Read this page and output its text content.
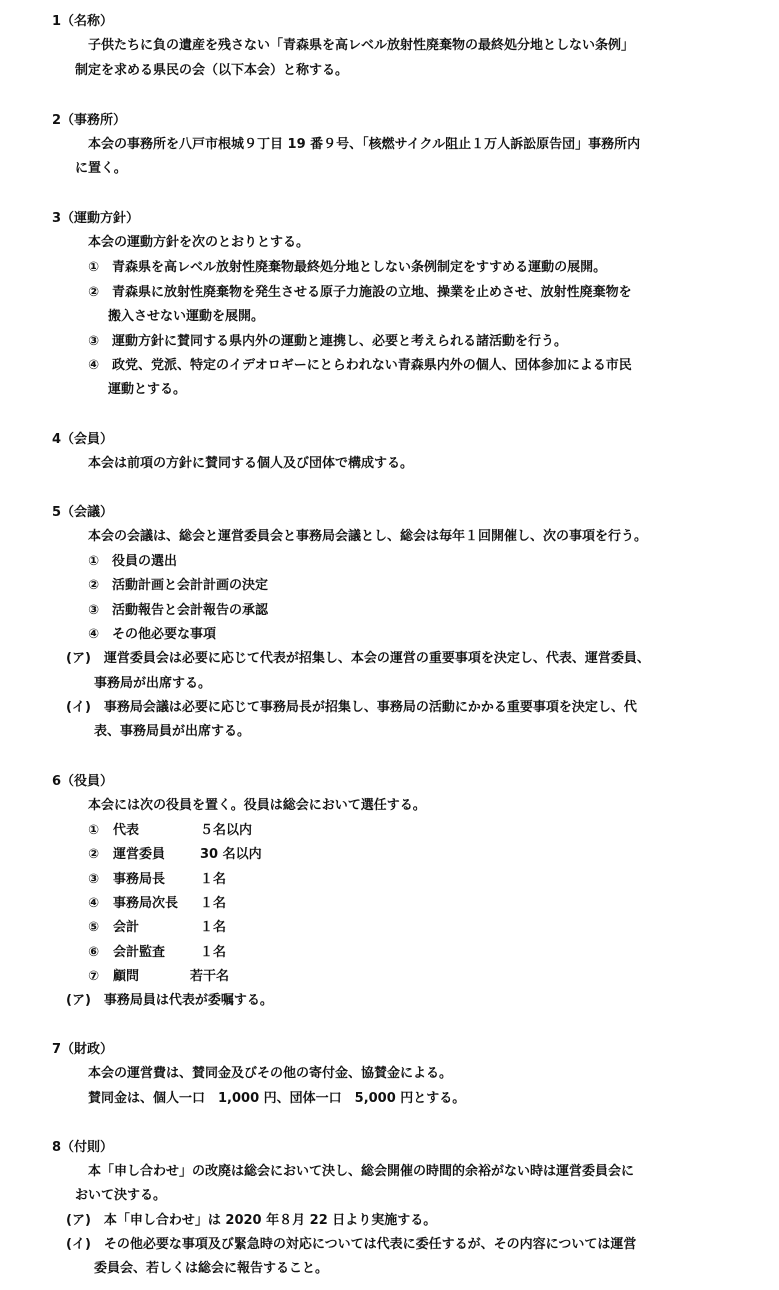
1（名称）
子供たちに負の遺産を残さない「青森県を高レベル放射性廃棄物の最終処分地としない条例」
制定を求める県民の会（以下本会）と称する。
2（事務所）
本会の事務所を八戸市根城９丁目 19 番９号、「核燃サイクル阻止１万人訴訟原告団」事務所内
に置く。
3（運動方針）
本会の運動方針を次のとおりとする。
①　青森県を高レベル放射性廃棄物最終処分地としない条例制定をすすめる運動の展開。
②　青森県に放射性廃棄物を発生させる原子力施設の立地、操業を止めさせ、放射性廃棄物を
搬入させない運動を展開。
③　運動方針に賛同する県内外の運動と連携し、必要と考えられる諸活動を行う。
④　政党、党派、特定のイデオロギーにとらわれない青森県内外の個人、団体参加による市民
運動とする。
4（会員）
本会は前項の方針に賛同する個人及び団体で構成する。
5（会議）
本会の会議は、総会と運営委員会と事務局会議とし、総会は毎年１回開催し、次の事項を行う。
①　役員の選出
②　活動計画と会計計画の決定
③　活動報告と会計報告の承認
④　その他必要な事項
(ア)　運営委員会は必要に応じて代表が招集し、本会の運営の重要事項を決定し、代表、運営委員、
事務局が出席する。
(イ)　事務局会議は必要に応じて事務局長が招集し、事務局の活動にかかる重要事項を決定し、代
表、事務局員が出席する。
6（役員）
本会には次の役員を置く。役員は総会において選任する。
① 代表	５名以内
② 運営委員	30 名以内
③ 事務局長	１名
④ 事務局次長 １名
⑤ 会計	１名
⑥ 会計監査	１名
⑦ 顧問	若干名
(ア)　事務局員は代表が委嘱する。
7（財政）
本会の運営費は、賛同金及びその他の寄付金、協賛金による。
賛同金は、個人一口　1,000 円、団体一口　5,000 円とする。
8（付則）
本「申し合わせ」の改廃は総会において決し、総会開催の時間的余裕がない時は運営委員会に
おいて決する。
(ア)　本「申し合わせ」は 2020 年８月 22 日より実施する。
(イ)　その他必要な事項及び緊急時の対応については代表に委任するが、その内容については運営
委員会、若しくは総会に報告すること。
